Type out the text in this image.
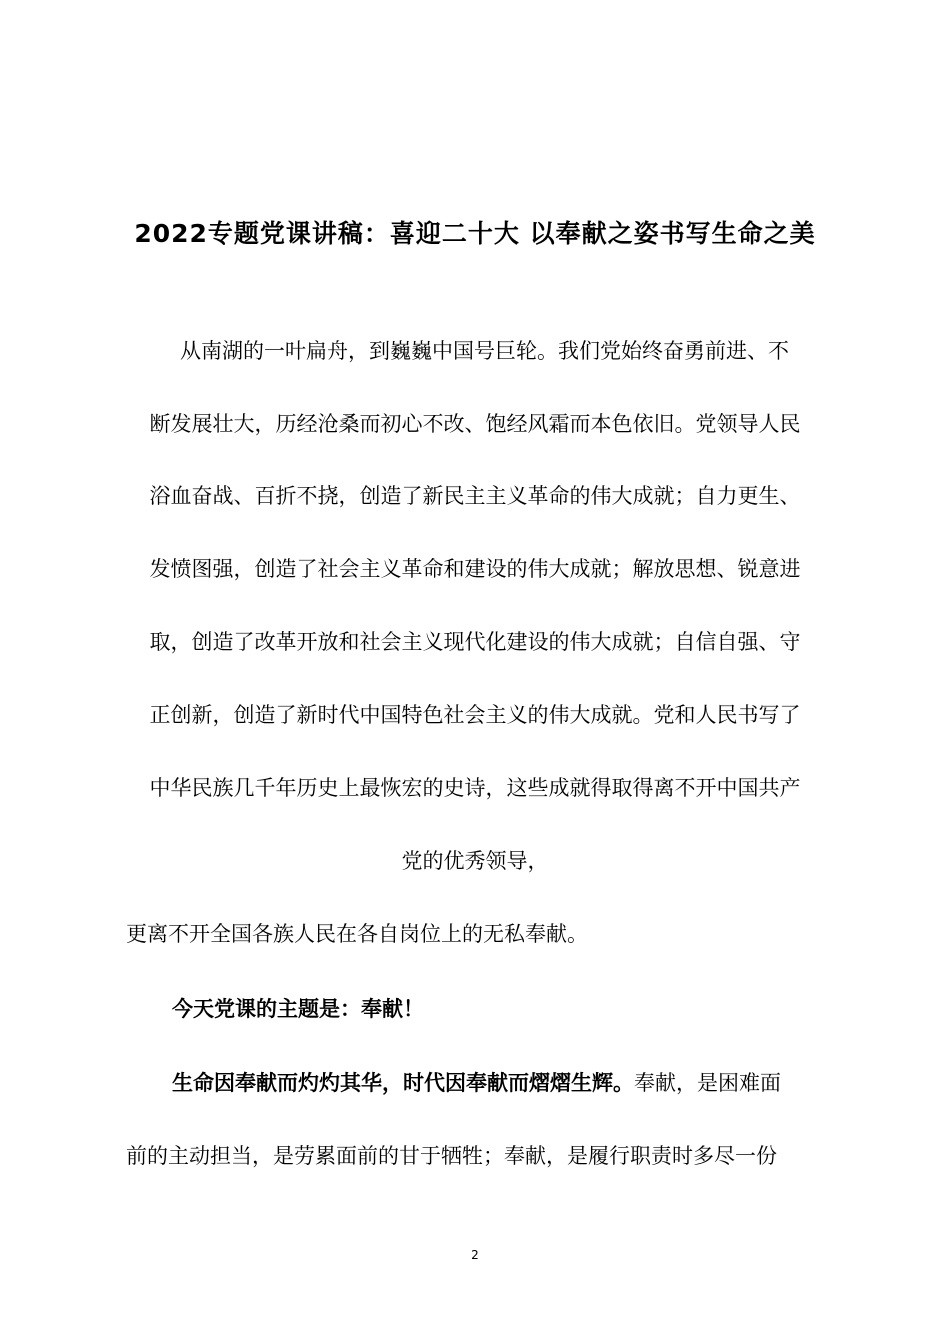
2022专题党课讲稿：喜迎二十大 以奉献之姿书写生命之美
从南湖的一叶扁舟，到巍巍中国号巨轮。我们党始终奋勇前进、不
断发展壮大，历经沧桑而初心不改、饱经风霜而本色依旧。党领导人民
浴血奋战、百折不挠，创造了新民主主义革命的伟大成就；自力更生、
发愤图强，创造了社会主义革命和建设的伟大成就；解放思想、锐意进
取，创造了改革开放和社会主义现代化建设的伟大成就；自信自强、守
正创新，创造了新时代中国特色社会主义的伟大成就。党和人民书写了
中华民族几千年历史上最恢宏的史诗，这些成就得取得离不开中国共产
党的优秀领导，
更离不开全国各族人民在各自岗位上的无私奉献。
今天党课的主题是：奉献！
生命因奉献而灼灼其华，时代因奉献而熠熠生辉。奉献，是困难面
前的主动担当，是劳累面前的甘于牺牲；奉献，是履行职责时多尽一份
2
